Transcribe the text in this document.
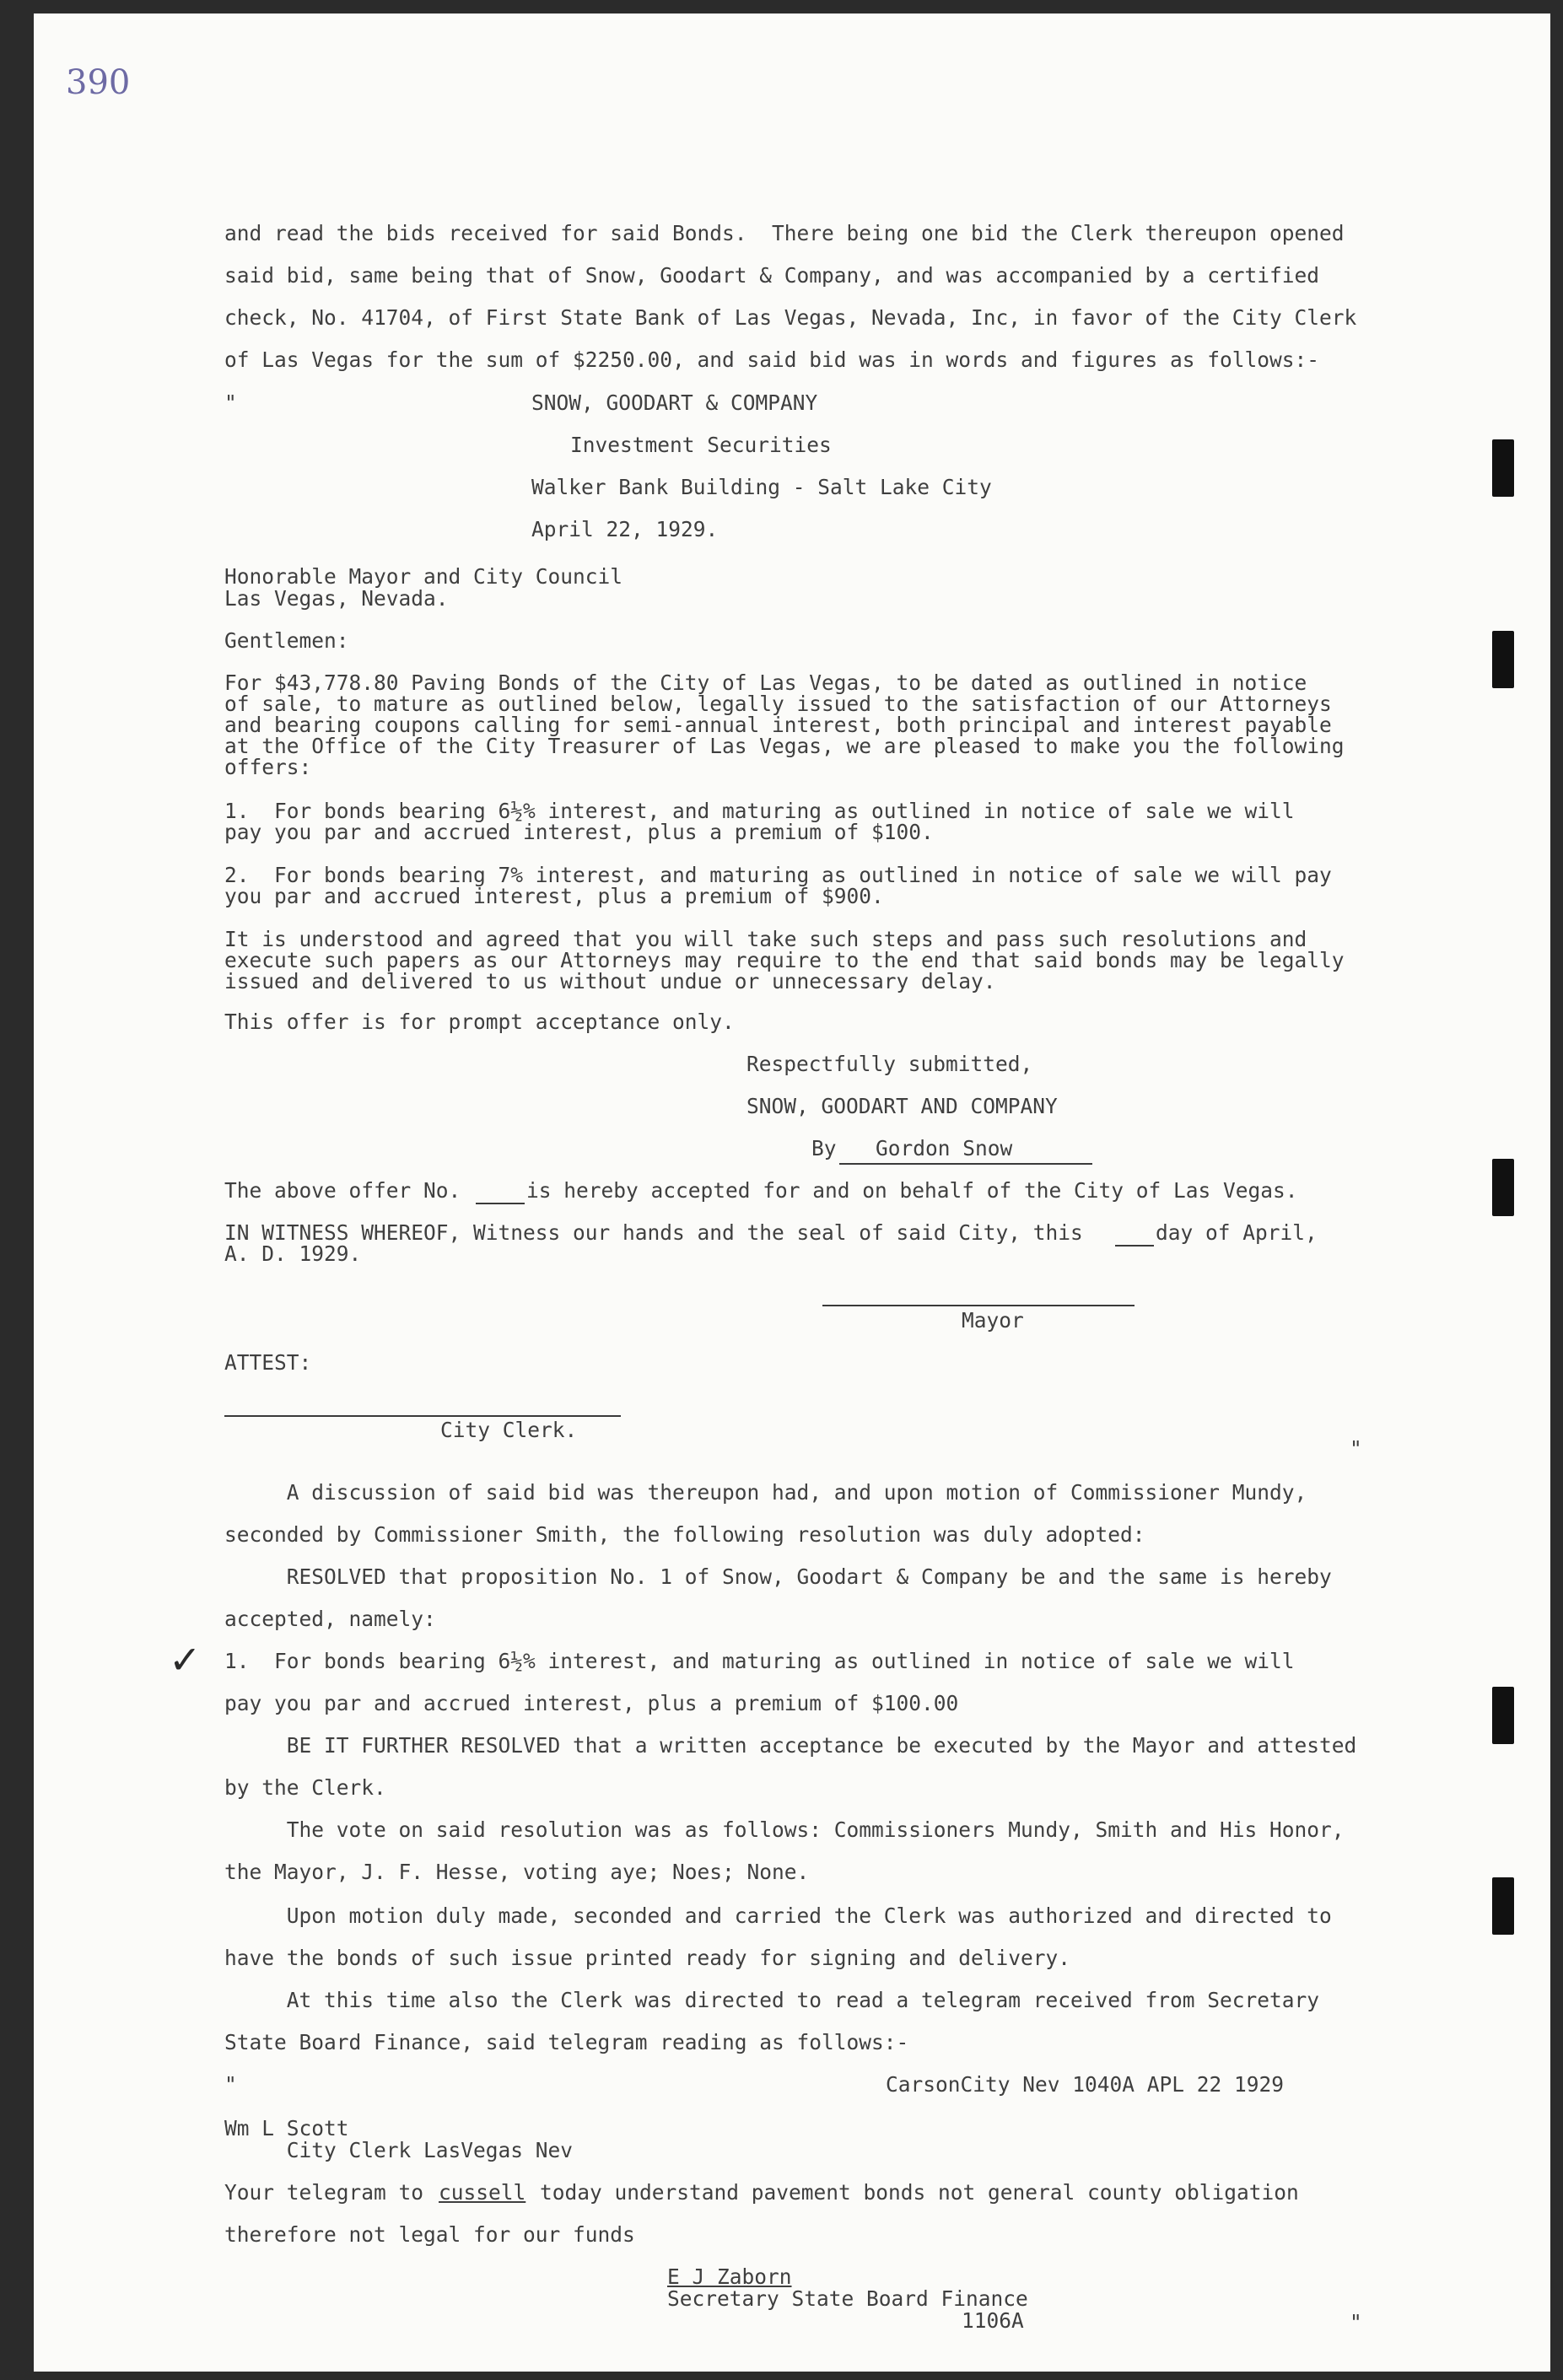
390
and read the bids received for said Bonds.  There being one bid the Clerk thereupon opened
said bid, same being that of Snow, Goodart & Company, and was accompanied by a certified
check, No. 41704, of First State Bank of Las Vegas, Nevada, Inc, in favor of the City Clerk
of Las Vegas for the sum of $2250.00, and said bid was in words and figures as follows:-
"	SNOW, GOODART & COMPANY
Investment Securities
Walker Bank Building - Salt Lake City
April 22, 1929.
Honorable Mayor and City Council
Las Vegas, Nevada.
Gentlemen:
For $43,778.80 Paving Bonds of the City of Las Vegas, to be dated as outlined in notice
of sale, to mature as outlined below, legally issued to the satisfaction of our Attorneys
and bearing coupons calling for semi-annual interest, both principal and interest payable
at the Office of the City Treasurer of Las Vegas, we are pleased to make you the following
offers:
1.  For bonds bearing 6½% interest, and maturing as outlined in notice of sale we will
pay you par and accrued interest, plus a premium of $100.
2.  For bonds bearing 7% interest, and maturing as outlined in notice of sale we will pay
you par and accrued interest, plus a premium of $900.
It is understood and agreed that you will take such steps and pass such resolutions and
execute such papers as our Attorneys may require to the end that said bonds may be legally
issued and delivered to us without undue or unnecessary delay.
This offer is for prompt acceptance only.
Respectfully submitted,
SNOW, GOODART AND COMPANY
By Gordon Snow
The above offer No.	is hereby accepted for and on behalf of the City of Las Vegas.
IN WITNESS WHEREOF, Witness our hands and the seal of said City, this	day of April,
A. D. 1929.
Mayor
ATTEST:
City Clerk.
"
A discussion of said bid was thereupon had, and upon motion of Commissioner Mundy,
seconded by Commissioner Smith, the following resolution was duly adopted:
RESOLVED that proposition No. 1 of Snow, Goodart & Company be and the same is hereby
accepted, namely:
✓ 1.  For bonds bearing 6½% interest, and maturing as outlined in notice of sale we will
pay you par and accrued interest, plus a premium of $100.00
BE IT FURTHER RESOLVED that a written acceptance be executed by the Mayor and attested
by the Clerk.
The vote on said resolution was as follows: Commissioners Mundy, Smith and His Honor,
the Mayor, J. F. Hesse, voting aye; Noes; None.
Upon motion duly made, seconded and carried the Clerk was authorized and directed to
have the bonds of such issue printed ready for signing and delivery.
At this time also the Clerk was directed to read a telegram received from Secretary
State Board Finance, said telegram reading as follows:-
"	CarsonCity Nev 1040A APL 22 1929
Wm L Scott
City Clerk LasVegas Nev
Your telegram to cussell today understand pavement bonds not general county obligation
therefore not legal for our funds
E J Zaborn
Secretary State Board Finance
1106A	"
